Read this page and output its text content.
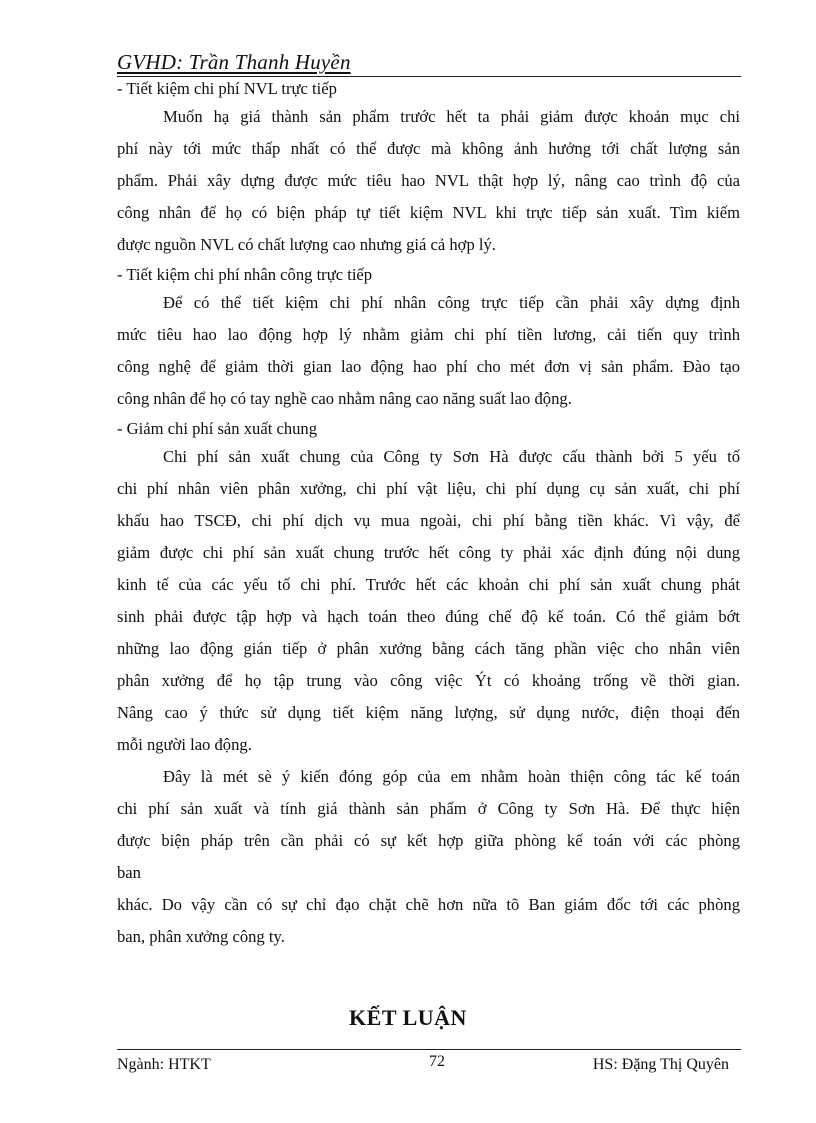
GVHD: Trần Thanh Huyền
- Tiết kiệm chi phí NVL trực tiếp
Muốn hạ giá thành sản phẩm trước hết ta phải giảm được khoản mục chi
phí này tới mức thấp nhất có thể được mà không ảnh hưởng tới chất lượng sản
phẩm. Phải xây dựng được mức tiêu hao NVL thật hợp lý, nâng cao trình độ của
công nhân để họ có biện pháp tự tiết kiệm NVL khi trực tiếp sản xuất. Tìm kiếm
được nguồn NVL có chất lượng cao nhưng giá cả hợp lý.
- Tiết kiệm chi phí nhân công trực tiếp
Để có thể tiết kiệm chi phí nhân công trực tiếp cần phải xây dựng định
mức tiêu hao lao động hợp lý nhằm giảm chi phí tiền lương, cải tiến quy trình
công nghệ để giảm thời gian lao động hao phí cho mét đơn vị sản phẩm. Đào tạo
công nhân để họ có tay nghề cao nhằm nâng cao năng suất lao động.
- Giảm chi phí sản xuất chung
Chi phí sản xuất chung của Công ty Sơn Hà được cấu thành bởi 5 yếu tố
chi phí nhân viên phân xưởng, chi phí vật liệu, chi phí dụng cụ sản xuất, chi phí
khấu hao TSCĐ, chi phí dịch vụ mua ngoài, chi phí bằng tiền khác. Vì vậy, để
giảm được chi phí sản xuất chung trước hết công ty phải xác định đúng nội dung
kinh tế của các yếu tố chi phí. Trước hết các khoản chi phí sản xuất chung phát
sinh phải được tập hợp và hạch toán theo đúng chế độ kế toán. Có thể giảm bớt
những lao động gián tiếp ở phân xưởng bằng cách tăng phần việc cho nhân viên
phân xưởng để họ tập trung vào công việc Ýt có khoảng trống về thời gian.
Nâng cao ý thức sử dụng tiết kiệm năng lượng, sử dụng nước, điện thoại đến
mỗi người lao động.
Đây là mét sè ý kiến đóng góp của em nhằm hoàn thiện công tác kế toán
chi phí sản xuất và tính giá thành sản phẩm ở Công ty Sơn Hà. Để thực hiện
được biện pháp trên cần phải có sự kết hợp giữa phòng kế toán với các phòng
ban
khác. Do vậy cần có sự chỉ đạo chặt chẽ hơn nữa tõ Ban giám đốc tới các phòng
ban, phân xưởng công ty.
KẾT LUẬN
Ngành: HTKT	72	HS: Đặng Thị Quyên
